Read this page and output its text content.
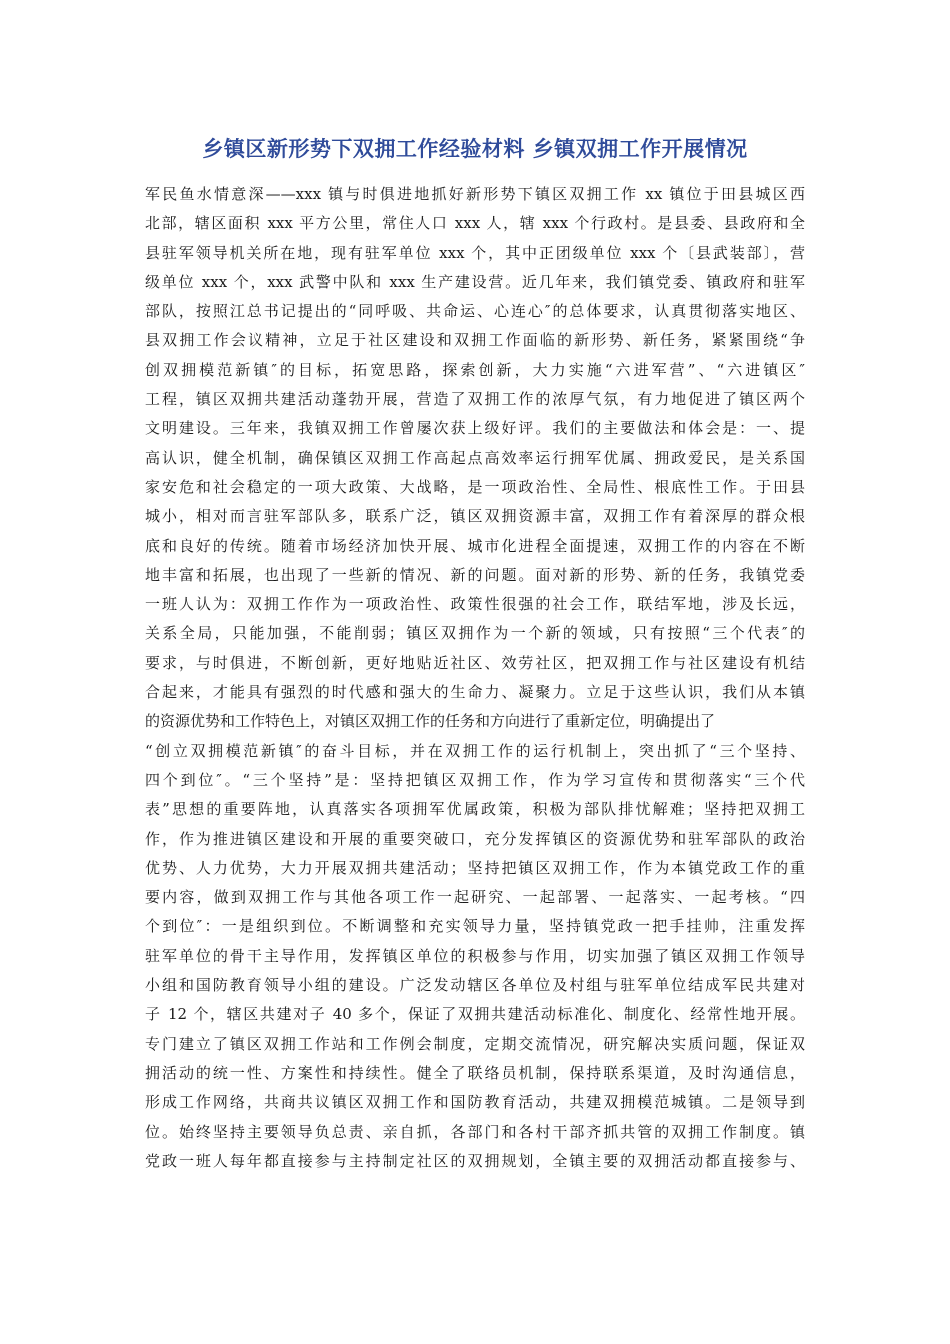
乡镇区新形势下双拥工作经验材料 乡镇双拥工作开展情况
军民鱼水情意深——xxx 镇与时俱进地抓好新形势下镇区双拥工作 xx 镇位于田县城区西
北部，辖区面积 xxx 平方公里，常住人口 xxx 人，辖 xxx 个行政村。是县委、县政府和全
县驻军领导机关所在地，现有驻军单位 xxx 个，其中正团级单位 xxx 个〔县武装部〕，营
级单位 xxx 个，xxx 武警中队和 xxx 生产建设营。近几年来，我们镇党委、镇政府和驻军
部队，按照江总书记提出的“同呼吸、共命运、心连心″的总体要求，认真贯彻落实地区、
县双拥工作会议精神，立足于社区建设和双拥工作面临的新形势、新任务，紧紧围绕“争
创双拥模范新镇″的目标，拓宽思路，探索创新，大力实施“六进军营”、“六进镇区″
工程，镇区双拥共建活动蓬勃开展，营造了双拥工作的浓厚气氛，有力地促进了镇区两个
文明建设。三年来，我镇双拥工作曾屡次获上级好评。我们的主要做法和体会是：一、提
高认识，健全机制，确保镇区双拥工作高起点高效率运行拥军优属、拥政爱民，是关系国
家安危和社会稳定的一项大政策、大战略，是一项政治性、全局性、根底性工作。于田县
城小，相对而言驻军部队多，联系广泛，镇区双拥资源丰富，双拥工作有着深厚的群众根
底和良好的传统。随着市场经济加快开展、城市化进程全面提速，双拥工作的内容在不断
地丰富和拓展，也出现了一些新的情况、新的问题。面对新的形势、新的任务，我镇党委
一班人认为：双拥工作作为一项政治性、政策性很强的社会工作，联结军地，涉及长远，
关系全局，只能加强，不能削弱；镇区双拥作为一个新的领域，只有按照“三个代表″的
要求，与时俱进，不断创新，更好地贴近社区、效劳社区，把双拥工作与社区建设有机结
合起来，才能具有强烈的时代感和强大的生命力、凝聚力。立足于这些认识，我们从本镇
的资源优势和工作特色上，对镇区双拥工作的任务和方向进行了重新定位，明确提出了
“创立双拥模范新镇″的奋斗目标，并在双拥工作的运行机制上，突出抓了“三个坚持、
四个到位″。“三个坚持”是：坚持把镇区双拥工作，作为学习宣传和贯彻落实“三个代
表”思想的重要阵地，认真落实各项拥军优属政策，积极为部队排忧解难；坚持把双拥工
作，作为推进镇区建设和开展的重要突破口，充分发挥镇区的资源优势和驻军部队的政治
优势、人力优势，大力开展双拥共建活动；坚持把镇区双拥工作，作为本镇党政工作的重
要内容，做到双拥工作与其他各项工作一起研究、一起部署、一起落实、一起考核。“四
个到位″：一是组织到位。不断调整和充实领导力量，坚持镇党政一把手挂帅，注重发挥
驻军单位的骨干主导作用，发挥镇区单位的积极参与作用，切实加强了镇区双拥工作领导
小组和国防教育领导小组的建设。广泛发动辖区各单位及村组与驻军单位结成军民共建对
子 12 个，辖区共建对子 40 多个，保证了双拥共建活动标准化、制度化、经常性地开展。
专门建立了镇区双拥工作站和工作例会制度，定期交流情况，研究解决实质问题，保证双
拥活动的统一性、方案性和持续性。健全了联络员机制，保持联系渠道，及时沟通信息，
形成工作网络，共商共议镇区双拥工作和国防教育活动，共建双拥模范城镇。二是领导到
位。始终坚持主要领导负总责、亲自抓，各部门和各村干部齐抓共管的双拥工作制度。镇
党政一班人每年都直接参与主持制定社区的双拥规划，全镇主要的双拥活动都直接参与、
